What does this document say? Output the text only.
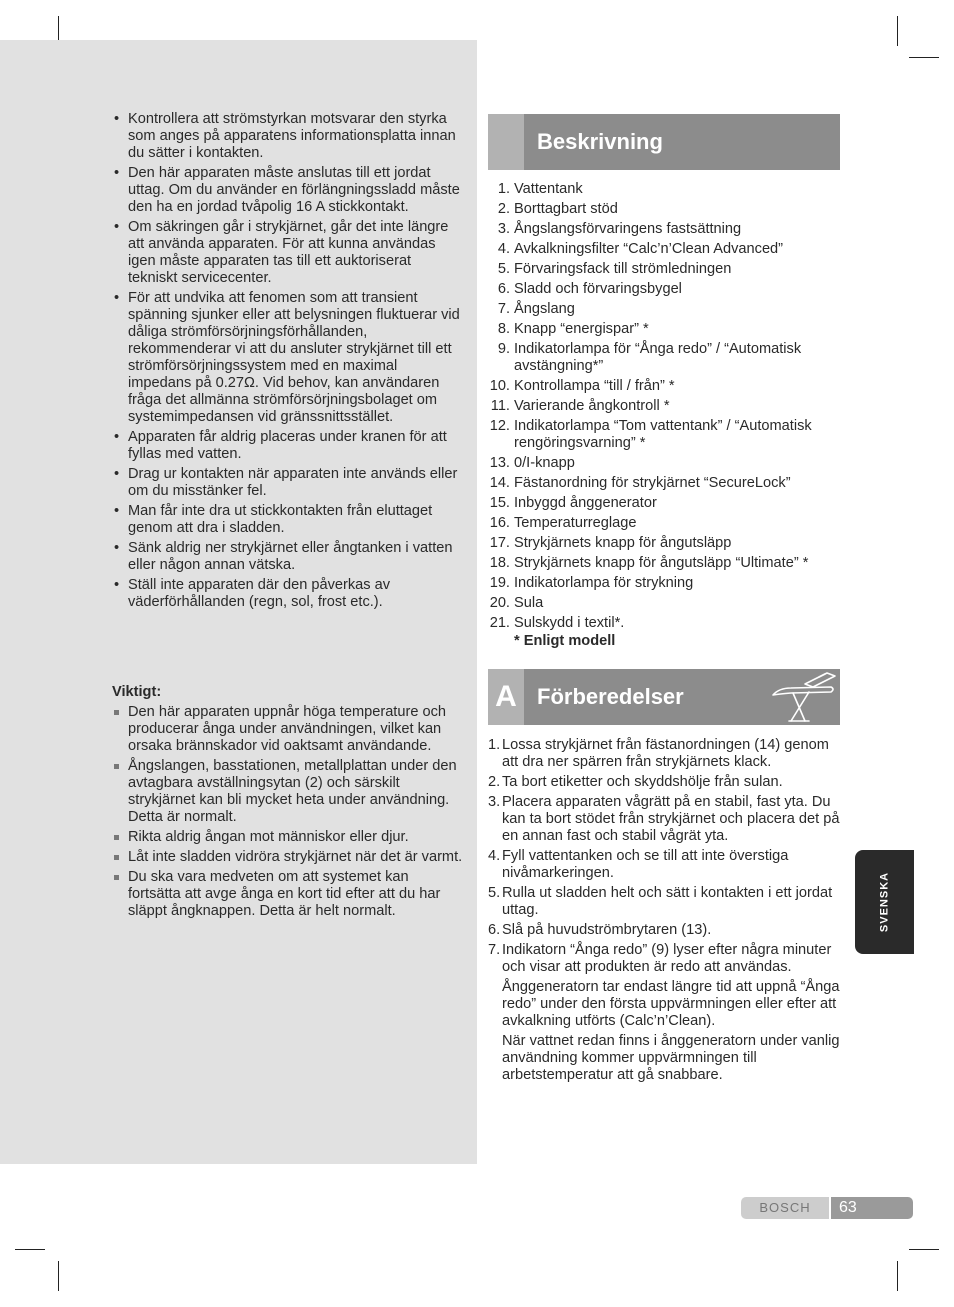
• Kontrollera att strömstyrkan motsvarar den styrka som anges på apparatens informationsplatta innan du sätter i kontakten.
• Den här apparaten måste anslutas till ett jordat uttag. Om du använder en förlängningssladd måste den ha en jordad tvåpolig 16 A stickkontakt.
• Om säkringen går i strykjärnet, går det inte längre att använda apparaten. För att kunna användas igen måste apparaten tas till ett auktoriserat tekniskt servicecenter.
• För att undvika att fenomen som att transient spänning sjunker eller att belysningen fluktuerar vid dåliga strömförsörjningsförhållanden, rekommenderar vi att du ansluter strykjärnet till ett strömförsörjningssystem med en maximal impedans på 0.27Ω. Vid behov, kan användaren fråga det allmänna strömförsörjningsbolaget om systemimpedansen vid gränssnittsstället.
• Apparaten får aldrig placeras under kranen för att fyllas med vatten.
• Drag ur kontakten när apparaten inte används eller om du misstänker fel.
• Man får inte dra ut stickkontakten från eluttaget genom att dra i sladden.
• Sänk aldrig ner strykjärnet eller ångtanken i vatten eller någon annan vätska.
• Ställ inte apparaten där den påverkas av väderförhållanden (regn, sol, frost etc.).
Viktigt:
Den här apparaten uppnår höga temperature och producerar ånga under användningen, vilket kan orsaka brännskador vid oaktsamt användande.
Ångslangen, basstationen, metallplattan under den avtagbara avställningsytan (2) och särskilt strykjärnet kan bli mycket heta under användning. Detta är normalt.
Rikta aldrig ångan mot människor eller djur.
Låt inte sladden vidröra strykjärnet när det är varmt.
Du ska vara medveten om att systemet kan fortsätta att avge ånga en kort tid efter att du har släppt ångknappen. Detta är helt normalt.
Beskrivning
1. Vattentank
2. Borttagbart stöd
3. Ångslangsförvaringens fastsättning
4. Avkalkningsfilter “Calc’n’Clean Advanced”
5. Förvaringsfack till strömledningen
6. Sladd och förvaringsbygel
7. Ångslang
8. Knapp “energispar” *
9. Indikatorlampa för “Ånga redo” / “Automatisk avstängning*”
10. Kontrollampa “till / från” *
11. Varierande ångkontroll *
12. Indikatorlampa “Tom vattentank” / “Automatisk rengöringsvarning” *
13. 0/I-knapp
14. Fästanordning för strykjärnet “SecureLock”
15. Inbyggd ånggenerator
16. Temperaturreglage
17. Strykjärnets knapp för ångutsläpp
18. Strykjärnets knapp för ångutsläpp “Ultimate” *
19. Indikatorlampa för strykning
20. Sula
21. Sulskydd i textil*.
* Enligt modell
A Förberedelser
1. Lossa strykjärnet från fästanordningen (14) genom att dra ner spärren från strykjärnets klack.
2. Ta bort etiketter och skyddshölje från sulan.
3. Placera apparaten vågrätt på en stabil, fast yta. Du kan ta bort stödet från strykjärnet och placera det på en annan fast och stabil vågrät yta.
4. Fyll vattentanken och se till att inte överstiga nivåmarkeringen.
5. Rulla ut sladden helt och sätt i kontakten i ett jordat uttag.
6. Slå på huvudströmbrytaren (13).
7. Indikatorn “Ånga redo” (9) lyser efter några minuter och visar att produkten är redo att användas.

Ånggeneratorn tar endast längre tid att uppnå “Ånga redo” under den första uppvärmningen eller efter att avkalkning utförts (Calc’n’Clean).

När vattnet redan finns i ånggeneratorn under vanlig användning kommer uppvärmningen till arbetstemperatur att gå snabbare.

SVENSKA
BOSCH	63
